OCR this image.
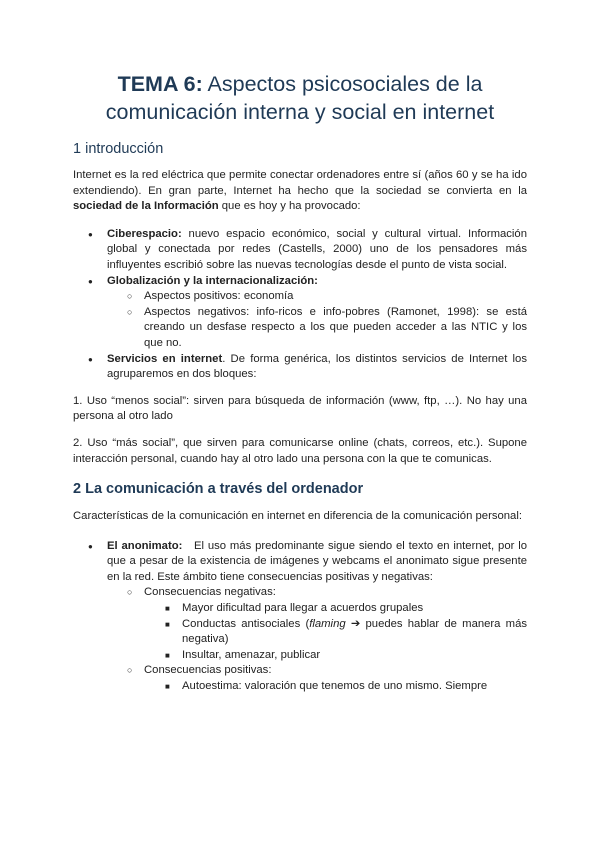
TEMA 6: Aspectos psicosociales de la comunicación interna y social en internet
1 introducción

Internet es la red eléctrica que permite conectar ordenadores entre sí (años 60 y se ha ido extendiendo). En gran parte, Internet ha hecho que la sociedad se convierta en la sociedad de la Información que es hoy y ha provocado:

● Ciberespacio: nuevo espacio económico, social y cultural virtual. Información global y conectada por redes (Castells, 2000) uno de los pensadores más influyentes escribió sobre las nuevas tecnologías desde el punto de vista social.
● Globalización y la internacionalización:
○ Aspectos positivos: economía
○ Aspectos negativos: info-ricos e info-pobres (Ramonet, 1998): se está creando un desfase respecto a los que pueden acceder a las NTIC y los que no.
● Servicios en internet. De forma genérica, los distintos servicios de Internet los agruparemos en dos bloques:

1. Uso “menos social”: sirven para búsqueda de información (www, ftp, …). No hay una persona al otro lado

2. Uso “más social”, que sirven para comunicarse online (chats, correos, etc.). Supone interacción personal, cuando hay al otro lado una persona con la que te comunicas.

2 La comunicación a través del ordenador

Características de la comunicación en internet en diferencia de la comunicación personal:

● El anonimato:   El uso más predominante sigue siendo el texto en internet, por lo que a pesar de la existencia de imágenes y webcams el anonimato sigue presente en la red. Este ámbito tiene consecuencias positivas y negativas:
○ Consecuencias negativas:
■ Mayor dificultad para llegar a acuerdos grupales
■ Conductas antisociales (flaming ➔ puedes hablar de manera más negativa)
■ Insultar, amenazar, publicar
○ Consecuencias positivas:
■ Autoestima: valoración que tenemos de uno mismo. Siempre
